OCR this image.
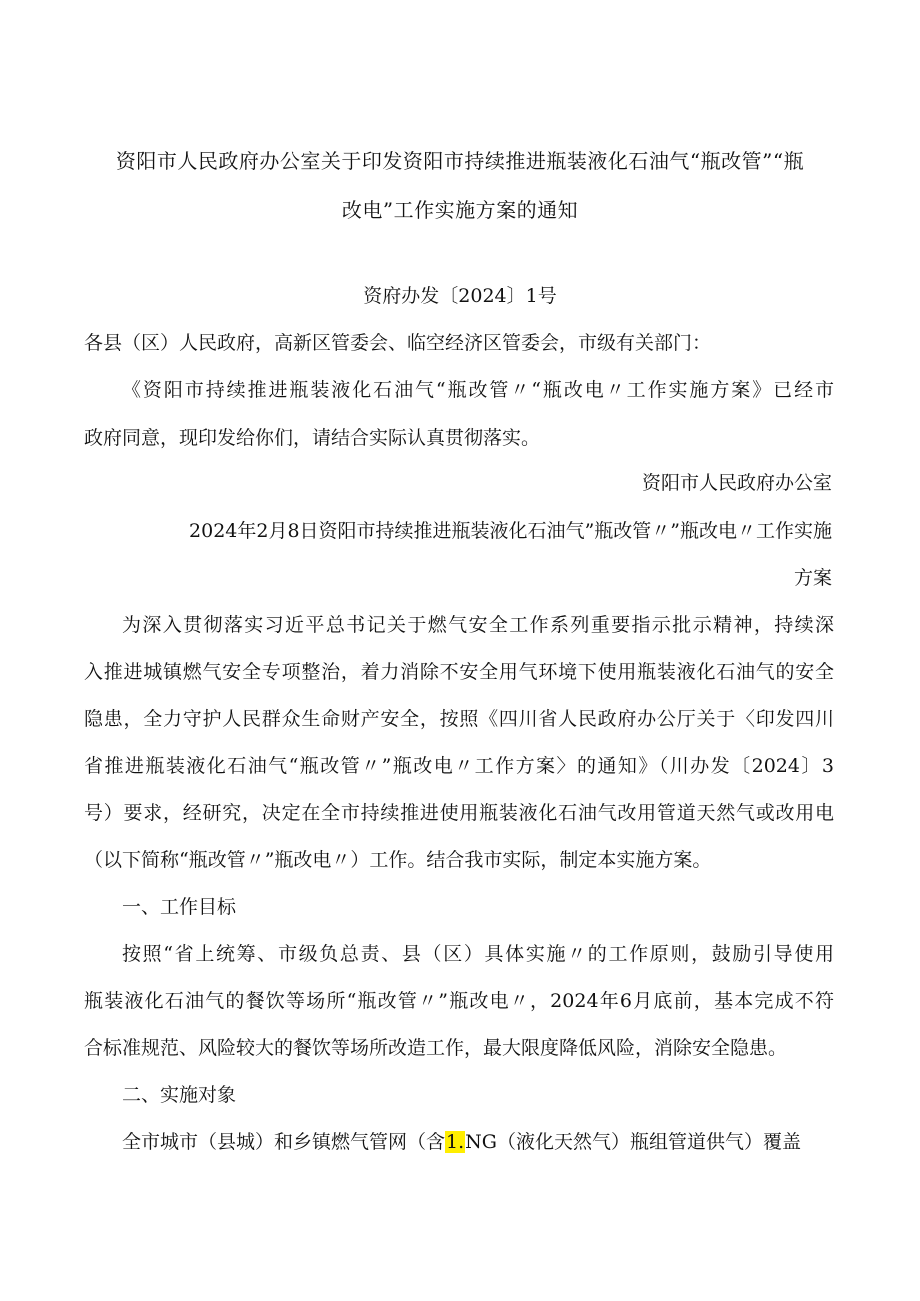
资阳市人民政府办公室关于印发资阳市持续推进瓶装液化石油气“瓶改管”“瓶
改电”工作实施方案的通知
资府办发〔2024〕1号
各县（区）人民政府，高新区管委会、临空经济区管委会，市级有关部门：
《资阳市持续推进瓶装液化石油气“瓶改管〃“瓶改电〃工作实施方案》已经市
政府同意，现印发给你们，请结合实际认真贯彻落实。
资阳市人民政府办公室
2024年2月8日资阳市持续推进瓶装液化石油气”瓶改管〃”瓶改电〃工作实施
方案
为深入贯彻落实习近平总书记关于燃气安全工作系列重要指示批示精神，持续深
入推进城镇燃气安全专项整治，着力消除不安全用气环境下使用瓶装液化石油气的安全
隐患，全力守护人民群众生命财产安全，按照《四川省人民政府办公厅关于〈印发四川
省推进瓶装液化石油气“瓶改管〃”瓶改电〃工作方案〉的通知》（川办发〔2024〕3
号）要求，经研究，决定在全市持续推进使用瓶装液化石油气改用管道天然气或改用电
（以下简称“瓶改管〃”瓶改电〃）工作。结合我市实际，制定本实施方案。
一、工作目标
按照“省上统筹、市级负总责、县（区）具体实施〃的工作原则，鼓励引导使用
瓶装液化石油气的餐饮等场所“瓶改管〃”瓶改电〃，2024年6月底前，基本完成不符
合标准规范、风险较大的餐饮等场所改造工作，最大限度降低风险，消除安全隐患。
二、实施对象
全市城市（县城）和乡镇燃气管网（含1.NG（液化天然气）瓶组管道供气）覆盖
